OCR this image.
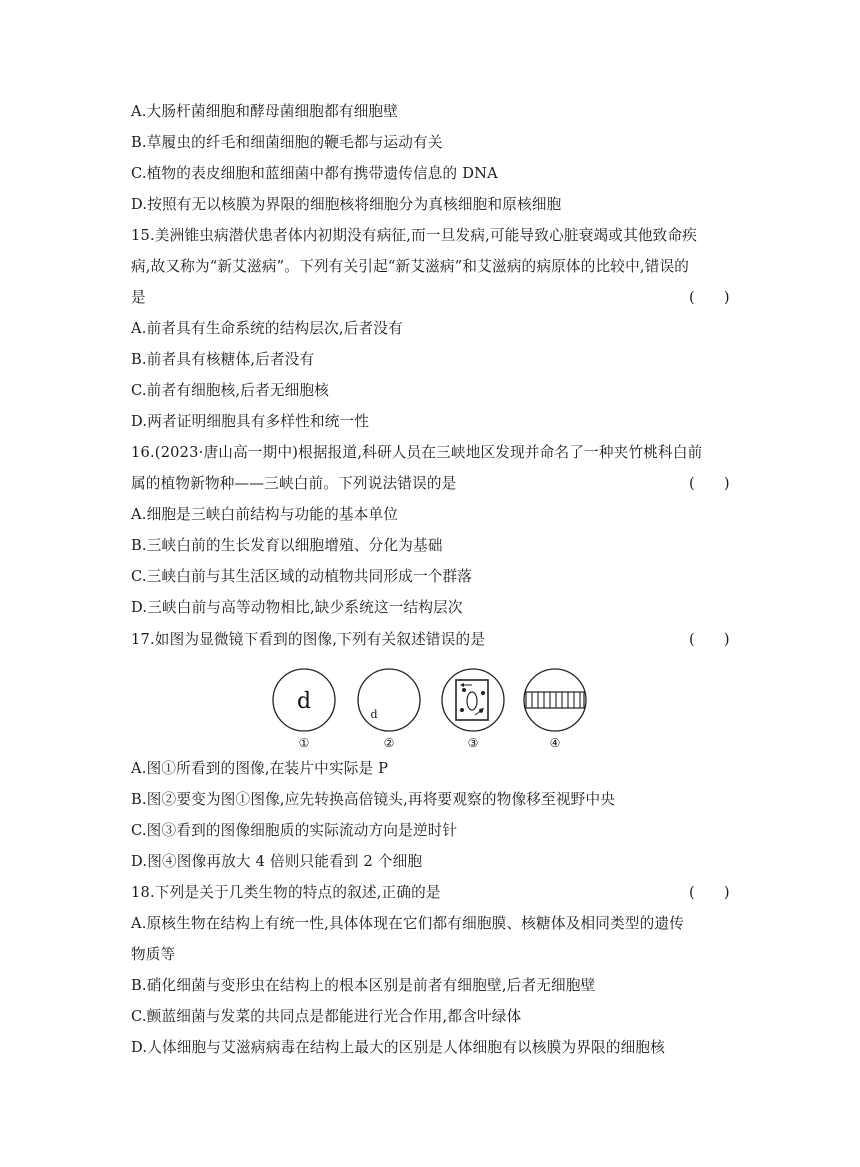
A.大肠杆菌细胞和酵母菌细胞都有细胞壁
B.草履虫的纤毛和细菌细胞的鞭毛都与运动有关
C.植物的表皮细胞和蓝细菌中都有携带遗传信息的 DNA
D.按照有无以核膜为界限的细胞核将细胞分为真核细胞和原核细胞
15.美洲锥虫病潜伏患者体内初期没有病征,而一旦发病,可能导致心脏衰竭或其他致命疾
病,故又称为“新艾滋病”。下列有关引起“新艾滋病”和艾滋病的病原体的比较中,错误的
是	(　　)
A.前者具有生命系统的结构层次,后者没有
B.前者具有核糖体,后者没有
C.前者有细胞核,后者无细胞核
D.两者证明细胞具有多样性和统一性
16.(2023·唐山高一期中)根据报道,科研人员在三峡地区发现并命名了一种夹竹桃科白前
属的植物新物种——三峡白前。下列说法错误的是	(　　)
A.细胞是三峡白前结构与功能的基本单位
B.三峡白前的生长发育以细胞增殖、分化为基础
C.三峡白前与其生活区域的动植物共同形成一个群落
D.三峡白前与高等动物相比,缺少系统这一结构层次
17.如图为显微镜下看到的图像,下列有关叙述错误的是	(　　)
d
d
①	②	③	④
A.图①所看到的图像,在装片中实际是 P
B.图②要变为图①图像,应先转换高倍镜头,再将要观察的物像移至视野中央
C.图③看到的图像细胞质的实际流动方向是逆时针
D.图④图像再放大 4 倍则只能看到 2 个细胞
18.下列是关于几类生物的特点的叙述,正确的是	(　　)
A.原核生物在结构上有统一性,具体体现在它们都有细胞膜、核糖体及相同类型的遗传
物质等
B.硝化细菌与变形虫在结构上的根本区别是前者有细胞壁,后者无细胞壁
C.颤蓝细菌与发菜的共同点是都能进行光合作用,都含叶绿体
D.人体细胞与艾滋病病毒在结构上最大的区别是人体细胞有以核膜为界限的细胞核
